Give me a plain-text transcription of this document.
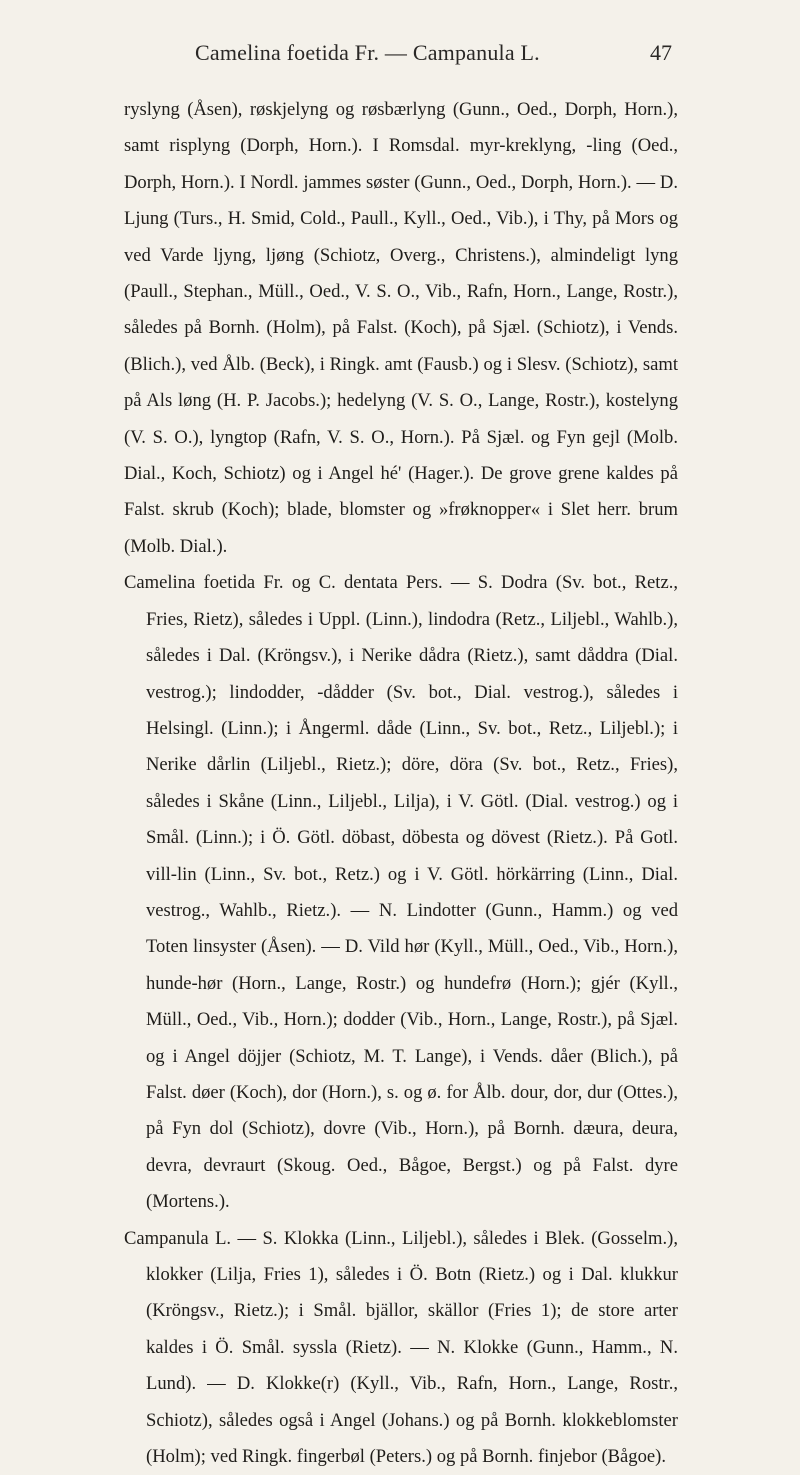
Camelina foetida Fr. — Campanula L.	47

ryslyng (Åsen), røskjelyng og røsbærlyng (Gunn., Oed., Dorph, Horn.), samt risplyng (Dorph, Horn.). I Romsdal. myr-kreklyng, -ling (Oed., Dorph, Horn.). I Nordl. jammes søster (Gunn., Oed., Dorph, Horn.). — D. Ljung (Turs., H. Smid, Cold., Paull., Kyll., Oed., Vib.), i Thy, på Mors og ved Varde ljyng, ljøng (Schiotz, Overg., Christens.), almindeligt lyng (Paull., Stephan., Müll., Oed., V. S. O., Vib., Rafn, Horn., Lange, Rostr.), således på Bornh. (Holm), på Falst. (Koch), på Sjæl. (Schiotz), i Vends. (Blich.), ved Ålb. (Beck), i Ringk. amt (Fausb.) og i Slesv. (Schiotz), samt på Als løng (H. P. Jacobs.); hedelyng (V. S. O., Lange, Rostr.), kostelyng (V. S. O.), lyngtop (Rafn, V. S. O., Horn.). På Sjæl. og Fyn gejl (Molb. Dial., Koch, Schiotz) og i Angel hé' (Hager.). De grove grene kaldes på Falst. skrub (Koch); blade, blomster og »frøknopper« i Slet herr. brum (Molb. Dial.).

Camelina foetida Fr. og C. dentata Pers. — S. Dodra (Sv. bot., Retz., Fries, Rietz), således i Uppl. (Linn.), lindodra (Retz., Liljebl., Wahlb.), således i Dal. (Kröngsv.), i Nerike dådra (Rietz.), samt dåddra (Dial. vestrog.); lindodder, -dådder (Sv. bot., Dial. vestrog.), således i Helsingl. (Linn.); i Ångerml. dåde (Linn., Sv. bot., Retz., Liljebl.); i Nerike dårlin (Liljebl., Rietz.); döre, döra (Sv. bot., Retz., Fries), således i Skåne (Linn., Liljebl., Lilja), i V. Götl. (Dial. vestrog.) og i Smål. (Linn.); i Ö. Götl. döbast, döbesta og dövest (Rietz.). På Gotl. vill-lin (Linn., Sv. bot., Retz.) og i V. Götl. hörkärring (Linn., Dial. vestrog., Wahlb., Rietz.). — N. Lindotter (Gunn., Hamm.) og ved Toten linsyster (Åsen). — D. Vild hør (Kyll., Müll., Oed., Vib., Horn.), hunde-hør (Horn., Lange, Rostr.) og hundefrø (Horn.); gjér (Kyll., Müll., Oed., Vib., Horn.); dodder (Vib., Horn., Lange, Rostr.), på Sjæl. og i Angel döjjer (Schiotz, M. T. Lange), i Vends. dåer (Blich.), på Falst. døer (Koch), dor (Horn.), s. og ø. for Ålb. dour, dor, dur (Ottes.), på Fyn dol (Schiotz), dovre (Vib., Horn.), på Bornh. dæura, deura, devra, devraurt (Skoug. Oed., Bågoe, Bergst.) og på Falst. dyre (Mortens.).

Campanula L. — S. Klokka (Linn., Liljebl.), således i Blek. (Gosselm.), klokker (Lilja, Fries 1), således i Ö. Botn (Rietz.) og i Dal. klukkur (Kröngsv., Rietz.); i Smål. bjällor, skällor (Fries 1); de store arter kaldes i Ö. Smål. syssla (Rietz). — N. Klokke (Gunn., Hamm., N. Lund). — D. Klokke(r) (Kyll., Vib., Rafn, Horn., Lange, Rostr., Schiotz), således også i Angel (Johans.) og på Bornh. klokkeblomster (Holm); ved Ringk. fingerbøl (Peters.) og på Bornh. finjebor (Bågoe).
